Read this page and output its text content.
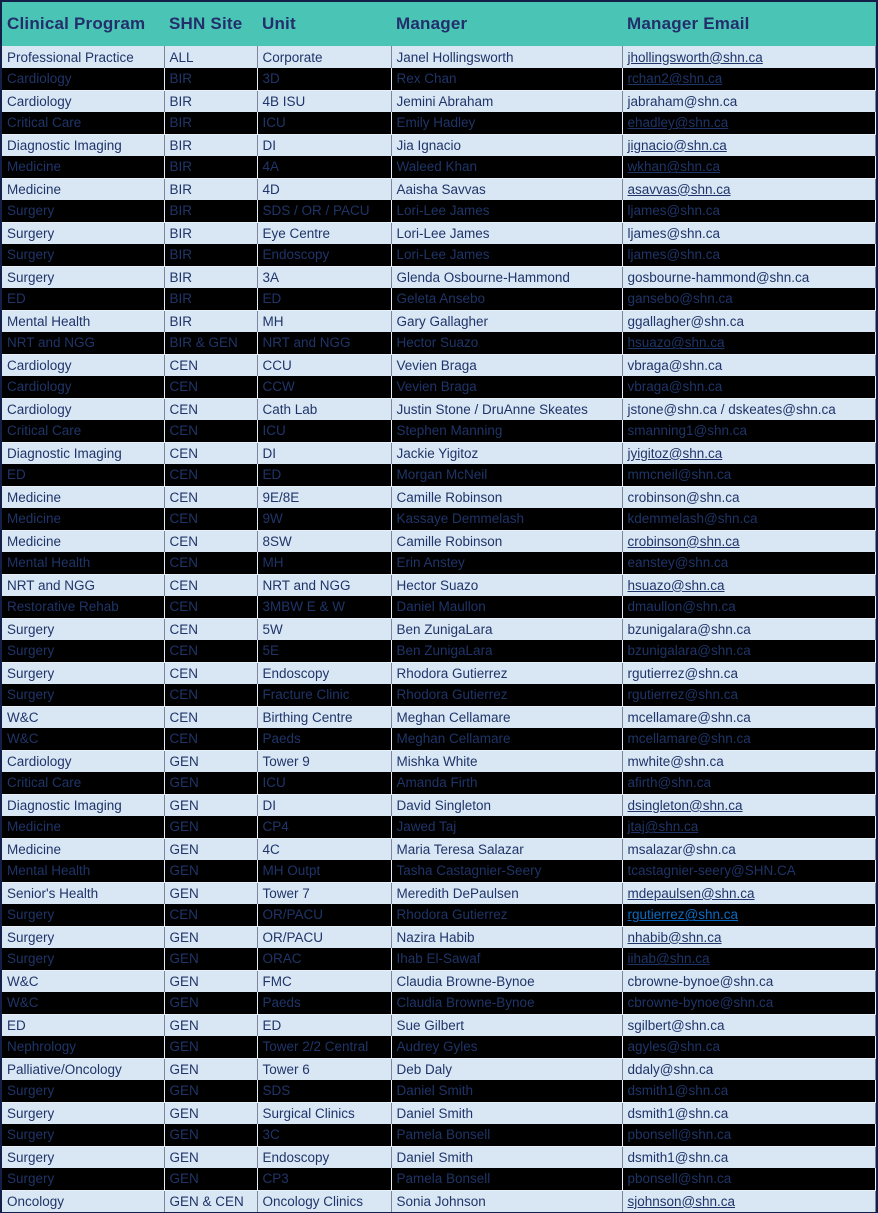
Clinical Program	SHN Site	Unit	Manager	Manager Email
Professional Practice	ALL	Corporate	Janel Hollingsworth	jhollingsworth@shn.ca
Cardiology	BIR	3D	Rex Chan	rchan2@shn.ca
Cardiology	BIR	4B ISU	Jemini Abraham	jabraham@shn.ca
Critical Care	BIR	ICU	Emily Hadley	ehadley@shn.ca
Diagnostic Imaging	BIR	DI	Jia Ignacio	jignacio@shn.ca
Medicine	BIR	4A	Waleed Khan	wkhan@shn.ca
Medicine	BIR	4D	Aaisha Savvas	asavvas@shn.ca
Surgery	BIR	SDS / OR / PACU	Lori-Lee James	ljames@shn.ca
Surgery	BIR	Eye Centre	Lori-Lee James	ljames@shn.ca
Surgery	BIR	Endoscopy	Lori-Lee James	ljames@shn.ca
Surgery	BIR	3A	Glenda Osbourne-Hammond	gosbourne-hammond@shn.ca
ED	BIR	ED	Geleta Ansebo	gansebo@shn.ca
Mental Health	BIR	MH	Gary Gallagher	ggallagher@shn.ca
NRT and NGG	BIR & GEN	NRT and NGG	Hector Suazo	hsuazo@shn.ca
Cardiology	CEN	CCU	Vevien Braga	vbraga@shn.ca
Cardiology	CEN	CCW	Vevien Braga	vbraga@shn.ca
Cardiology	CEN	Cath Lab	Justin Stone / DruAnne Skeates	jstone@shn.ca / dskeates@shn.ca
Critical Care	CEN	ICU	Stephen Manning	smanning1@shn.ca
Diagnostic Imaging	CEN	DI	Jackie Yigitoz	jyigitoz@shn.ca
ED	CEN	ED	Morgan McNeil	mmcneil@shn.ca
Medicine	CEN	9E/8E	Camille Robinson	crobinson@shn.ca
Medicine	CEN	9W	Kassaye Demmelash	kdemmelash@shn.ca
Medicine	CEN	8SW	Camille Robinson	crobinson@shn.ca
Mental Health	CEN	MH	Erin Anstey	eanstey@shn.ca
NRT and NGG	CEN	NRT and NGG	Hector Suazo	hsuazo@shn.ca
Restorative Rehab	CEN	3MBW E & W	Daniel Maullon	dmaullon@shn.ca
Surgery	CEN	5W	Ben ZunigaLara	bzunigalara@shn.ca
Surgery	CEN	5E	Ben ZunigaLara	bzunigalara@shn.ca
Surgery	CEN	Endoscopy	Rhodora Gutierrez	rgutierrez@shn.ca
Surgery	CEN	Fracture Clinic	Rhodora Gutierrez	rgutierrez@shn.ca
W&C	CEN	Birthing Centre	Meghan Cellamare	mcellamare@shn.ca
W&C	CEN	Paeds	Meghan Cellamare	mcellamare@shn.ca
Cardiology	GEN	Tower 9	Mishka White	mwhite@shn.ca
Critical Care	GEN	ICU	Amanda Firth	afirth@shn.ca
Diagnostic Imaging	GEN	DI	David Singleton	dsingleton@shn.ca
Medicine	GEN	CP4	Jawed Taj	jtaj@shn.ca
Medicine	GEN	4C	Maria Teresa Salazar	msalazar@shn.ca
Mental Health	GEN	MH Outpt	Tasha Castagnier-Seery	tcastagnier-seery@SHN.CA
Senior's Health	GEN	Tower 7	Meredith DePaulsen	mdepaulsen@shn.ca
Surgery	CEN	OR/PACU	Rhodora Gutierrez	rgutierrez@shn.ca
Surgery	GEN	OR/PACU	Nazira Habib	nhabib@shn.ca
Surgery	GEN	ORAC	Ihab El-Sawaf	iihab@shn.ca
W&C	GEN	FMC	Claudia Browne-Bynoe	cbrowne-bynoe@shn.ca
W&C	GEN	Paeds	Claudia Browne-Bynoe	cbrowne-bynoe@shn.ca
ED	GEN	ED	Sue Gilbert	sgilbert@shn.ca
Nephrology	GEN	Tower 2/2 Central	Audrey Gyles	agyles@shn.ca
Palliative/Oncology	GEN	Tower 6	Deb Daly	ddaly@shn.ca
Surgery	GEN	SDS	Daniel Smith	dsmith1@shn.ca
Surgery	GEN	Surgical Clinics	Daniel Smith	dsmith1@shn.ca
Surgery	GEN	3C	Pamela Bonsell	pbonsell@shn.ca
Surgery	GEN	Endoscopy	Daniel Smith	dsmith1@shn.ca
Surgery	GEN	CP3	Pamela Bonsell	pbonsell@shn.ca
Oncology	GEN & CEN	Oncology Clinics	Sonia Johnson	sjohnson@shn.ca
